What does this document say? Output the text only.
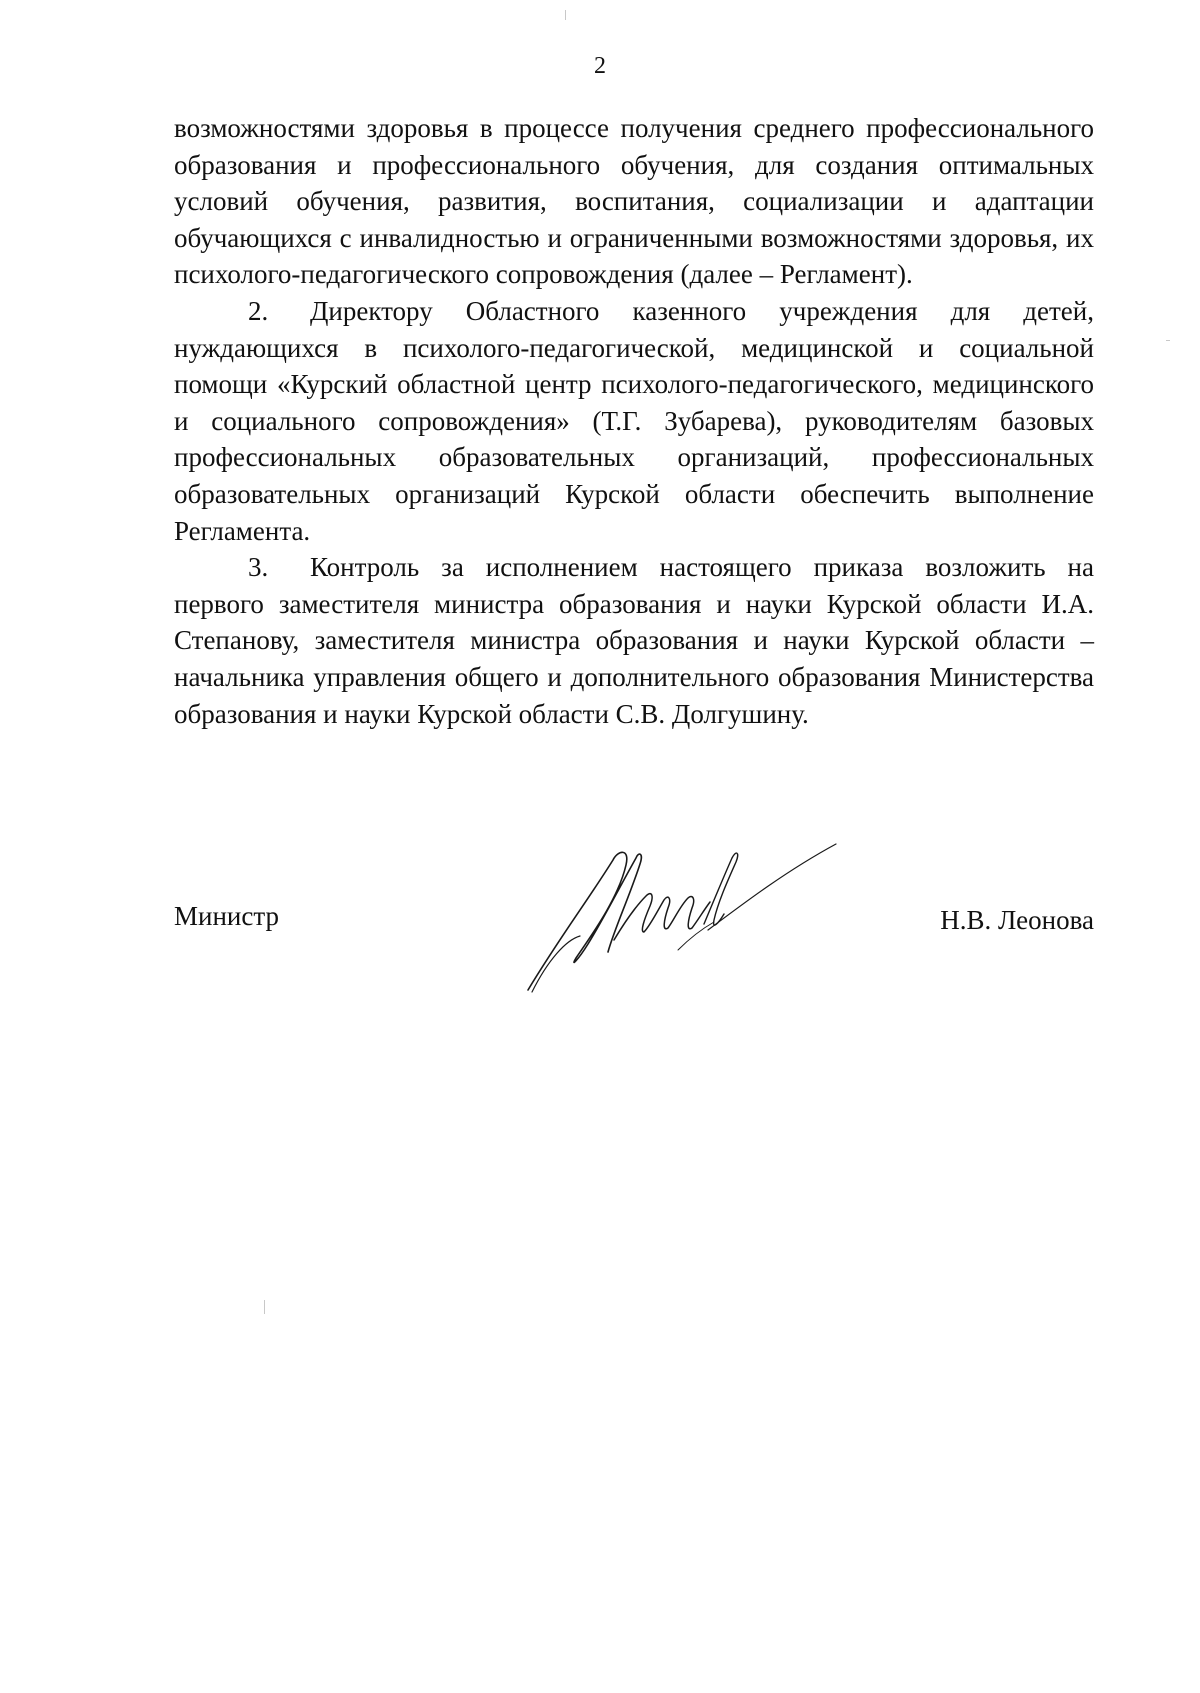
2

возможностями здоровья в процессе получения среднего профессионального образования и профессионального обучения, для создания оптимальных условий обучения, развития, воспитания, социализации и адаптации обучающихся с инвалидностью и ограниченными возможностями здоровья, их психолого-педагогического сопровождения (далее – Регламент).

2. Директору Областного казенного учреждения для детей, нуждающихся в психолого-педагогической, медицинской и социальной помощи «Курский областной центр психолого-педагогического, медицинского и социального сопровождения» (Т.Г. Зубарева), руководителям базовых профессиональных образовательных организаций, профессиональных образовательных организаций Курской области обеспечить выполнение Регламента.

3. Контроль за исполнением настоящего приказа возложить на первого заместителя министра образования и науки Курской области И.А. Степанову, заместителя министра образования и науки Курской области – начальника управления общего и дополнительного образования Министерства образования и науки Курской области С.В. Долгушину.

Министр	Н.В. Леонова
